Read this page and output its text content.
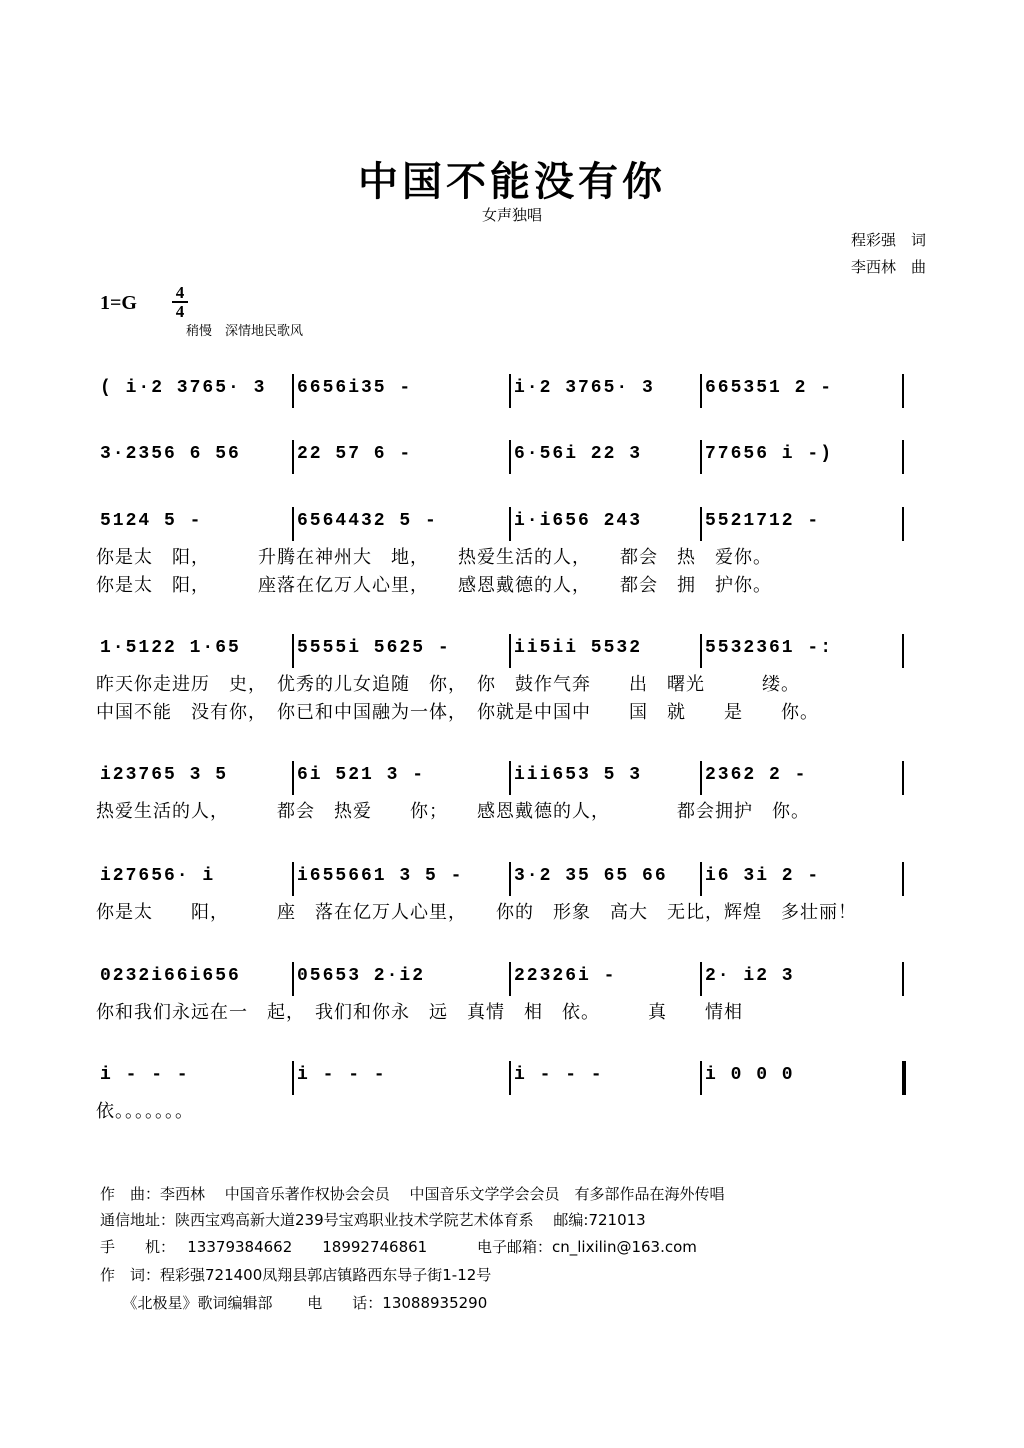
中国不能没有你
女声独唱
程彩强　词
李西林　曲
1=G	4
4
稍慢　深情地民歌风
( i·2 3765· 3	6656i35 -	i·2 3765· 3	665351 2 -
3·2356 6 56	22 57 6 -	6·56i 22 3	77656 i -)
5124 5 -	6564432 5 -	i·i656 243	5521712 -
你是太　阳，　　　升腾在神州大　地，　　热爱生活的人，　　都会　热　爱你。
你是太　阳，　　　座落在亿万人心里，　　感恩戴德的人，　　都会　拥　护你。
1·5122 1·65	5555i 5625 -	ii5ii 5532	5532361 -:
昨天你走进历　史，　优秀的儿女追随　你，　你　鼓作气奔　　出　曙光　　　缕。
中国不能　没有你，　你已和中国融为一体，　你就是中国中　　国　就　　是　　你。
i23765 3 5	6i 521 3 -	iii653 5 3	2362 2 -
热爱生活的人，　　　都会　热爱　　你；　　感恩戴德的人，　　　　都会拥护　你。
i27656· i	i655661 3 5 -	3·2 35 65 66	i6 3i 2 -
你是太　　阳，　　　座　落在亿万人心里，　　你的　形象　高大　无比，辉煌　多壮丽！
0232i66i656	05653 2·i2	22326i -	2· i2 3
你和我们永远在一　起，　我们和你永　远　真情　相　依。　　　真　　情相
i - - -	i - - -	i - - -	i 0 0 0
依。。。。。。。
作　曲：李西林　 中国音乐著作权协会会员　 中国音乐文学学会会员　有多部作品在海外传唱
通信地址：陕西宝鸡高新大道239号宝鸡职业技术学院艺术体育系　 邮编:721013
手　　机：　 13379384662　　18992746861　　　 电子邮箱：cn_lixilin@163.com
作　词：程彩强721400凤翔县郭店镇路西东导子街1-12号
　　《北极星》歌词编辑部　　 电　　话：13088935290
